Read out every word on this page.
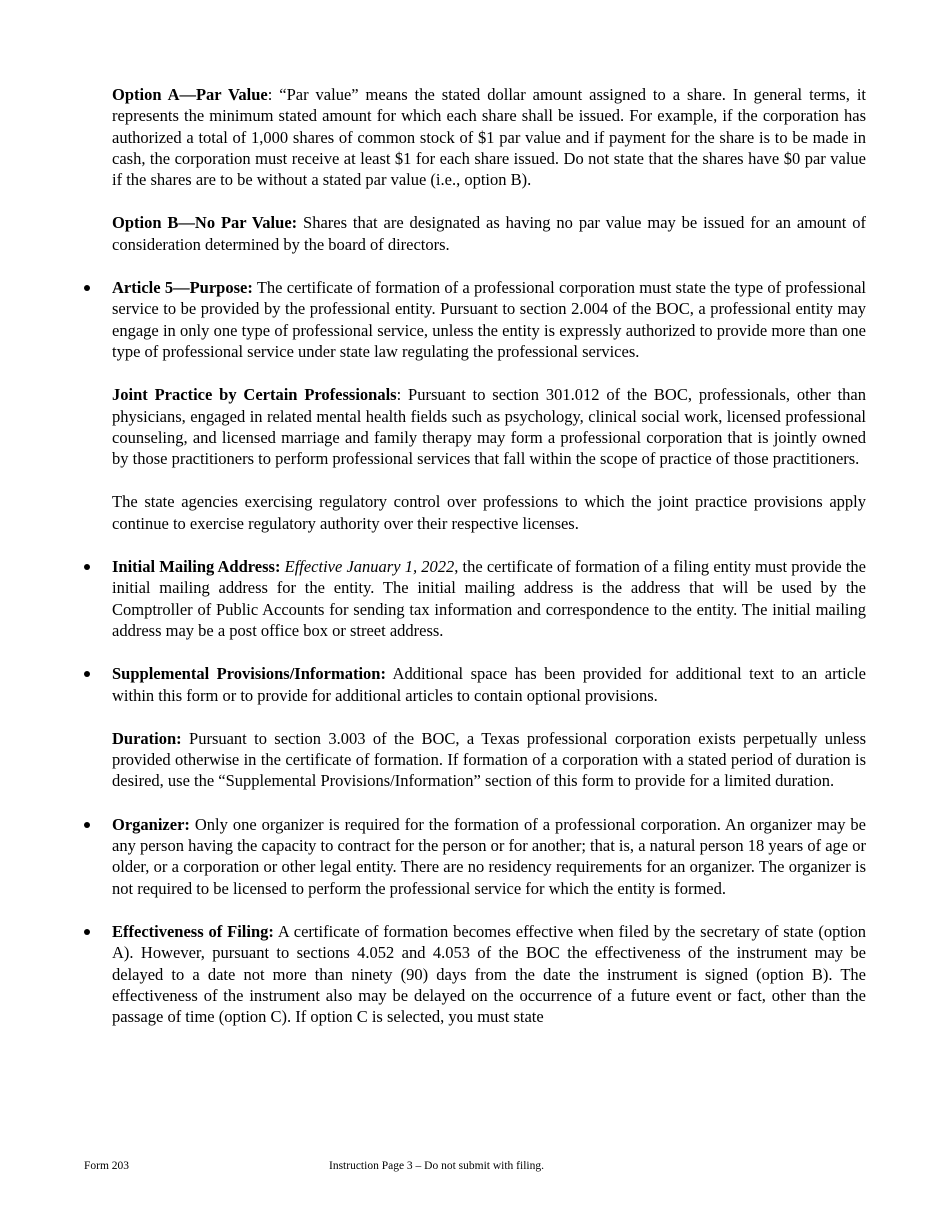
Option A—Par Value: “Par value” means the stated dollar amount assigned to a share. In general terms, it represents the minimum stated amount for which each share shall be issued. For example, if the corporation has authorized a total of 1,000 shares of common stock of $1 par value and if payment for the share is to be made in cash, the corporation must receive at least $1 for each share issued. Do not state that the shares have $0 par value if the shares are to be without a stated par value (i.e., option B).

Option B—No Par Value: Shares that are designated as having no par value may be issued for an amount of consideration determined by the board of directors.

Article 5—Purpose: The certificate of formation of a professional corporation must state the type of professional service to be provided by the professional entity. Pursuant to section 2.004 of the BOC, a professional entity may engage in only one type of professional service, unless the entity is expressly authorized to provide more than one type of professional service under state law regulating the professional services.

Joint Practice by Certain Professionals: Pursuant to section 301.012 of the BOC, professionals, other than physicians, engaged in related mental health fields such as psychology, clinical social work, licensed professional counseling, and licensed marriage and family therapy may form a professional corporation that is jointly owned by those practitioners to perform professional services that fall within the scope of practice of those practitioners.

The state agencies exercising regulatory control over professions to which the joint practice provisions apply continue to exercise regulatory authority over their respective licenses.

Initial Mailing Address: Effective January 1, 2022, the certificate of formation of a filing entity must provide the initial mailing address for the entity. The initial mailing address is the address that will be used by the Comptroller of Public Accounts for sending tax information and correspondence to the entity. The initial mailing address may be a post office box or street address.

Supplemental Provisions/Information: Additional space has been provided for additional text to an article within this form or to provide for additional articles to contain optional provisions.

Duration: Pursuant to section 3.003 of the BOC, a Texas professional corporation exists perpetually unless provided otherwise in the certificate of formation. If formation of a corporation with a stated period of duration is desired, use the “Supplemental Provisions/Information” section of this form to provide for a limited duration.

Organizer: Only one organizer is required for the formation of a professional corporation. An organizer may be any person having the capacity to contract for the person or for another; that is, a natural person 18 years of age or older, or a corporation or other legal entity. There are no residency requirements for an organizer. The organizer is not required to be licensed to perform the professional service for which the entity is formed.

Effectiveness of Filing: A certificate of formation becomes effective when filed by the secretary of state (option A). However, pursuant to sections 4.052 and 4.053 of the BOC the effectiveness of the instrument may be delayed to a date not more than ninety (90) days from the date the instrument is signed (option B). The effectiveness of the instrument also may be delayed on the occurrence of a future event or fact, other than the passage of time (option C). If option C is selected, you must state

Form 203	Instruction Page 3 – Do not submit with filing.
